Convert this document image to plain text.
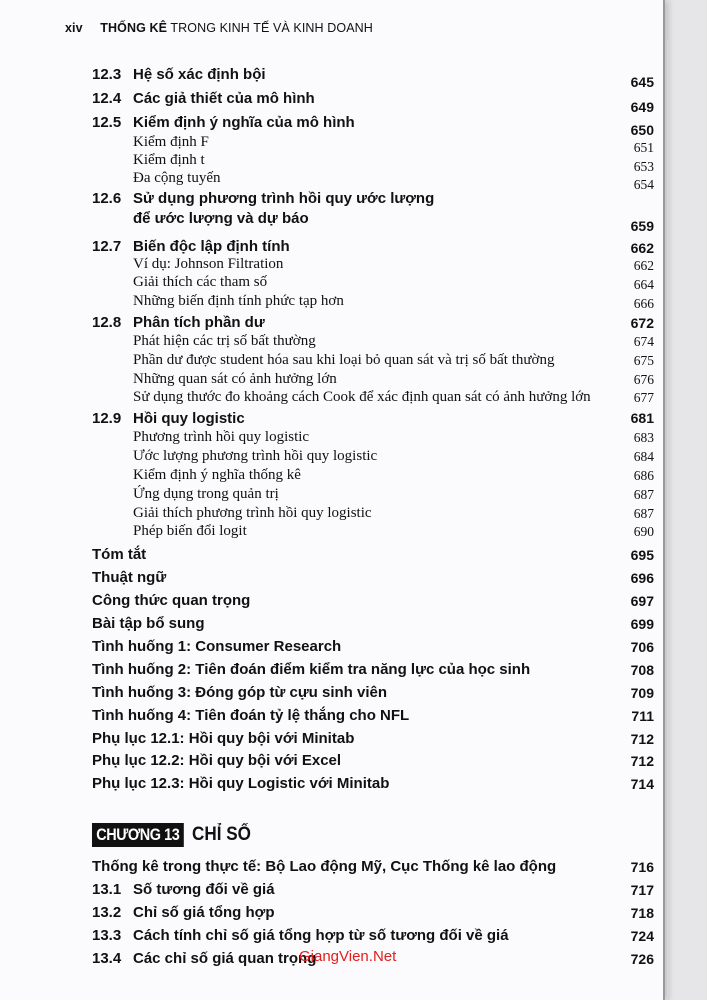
xiv THỐNG KÊ TRONG KINH TẾ VÀ KINH DOANH
12.3 Hệ số xác định bội	645
12.4 Các giả thiết của mô hình	649
12.5 Kiểm định ý nghĩa của mô hình	650
Kiểm định F	651
Kiểm định t	653
Đa cộng tuyến	654
12.6 Sử dụng phương trình hồi quy ước lượng
để ước lượng và dự báo	659
12.7 Biến độc lập định tính	662
Ví dụ: Johnson Filtration	662
Giải thích các tham số	664
Những biến định tính phức tạp hơn	666
12.8 Phân tích phần dư	672
Phát hiện các trị số bất thường	674
Phần dư được student hóa sau khi loại bỏ quan sát và trị số bất thường	675
Những quan sát có ảnh hưởng lớn	676
Sử dụng thước đo khoảng cách Cook để xác định quan sát có ảnh hưởng lớn	677
12.9 Hồi quy logistic	681
Phương trình hồi quy logistic	683
Ước lượng phương trình hồi quy logistic	684
Kiểm định ý nghĩa thống kê	686
Ứng dụng trong quản trị	687
Giải thích phương trình hồi quy logistic	687
Phép biến đổi logit	690
Tóm tắt	695
Thuật ngữ	696
Công thức quan trọng	697
Bài tập bổ sung	699
Tình huống 1: Consumer Research	706
Tình huống 2: Tiên đoán điểm kiểm tra năng lực của học sinh	708
Tình huống 3: Đóng góp từ cựu sinh viên	709
Tình huống 4: Tiên đoán tỷ lệ thắng cho NFL	711
Phụ lục 12.1: Hồi quy bội với Minitab	712
Phụ lục 12.2: Hồi quy bội với Excel	712
Phụ lục 12.3: Hồi quy Logistic với Minitab	714
Thống kê trong thực tế: Bộ Lao động Mỹ, Cục Thống kê lao động	716
13.1 Số tương đối về giá	717
13.2 Chỉ số giá tổng hợp	718
13.3 Cách tính chỉ số giá tổng hợp từ số tương đối về giá	724
13.4 Các chỉ số giá quan trọng	726
CHƯƠNG 13 CHỈ SỐ
GiangVien.Net
